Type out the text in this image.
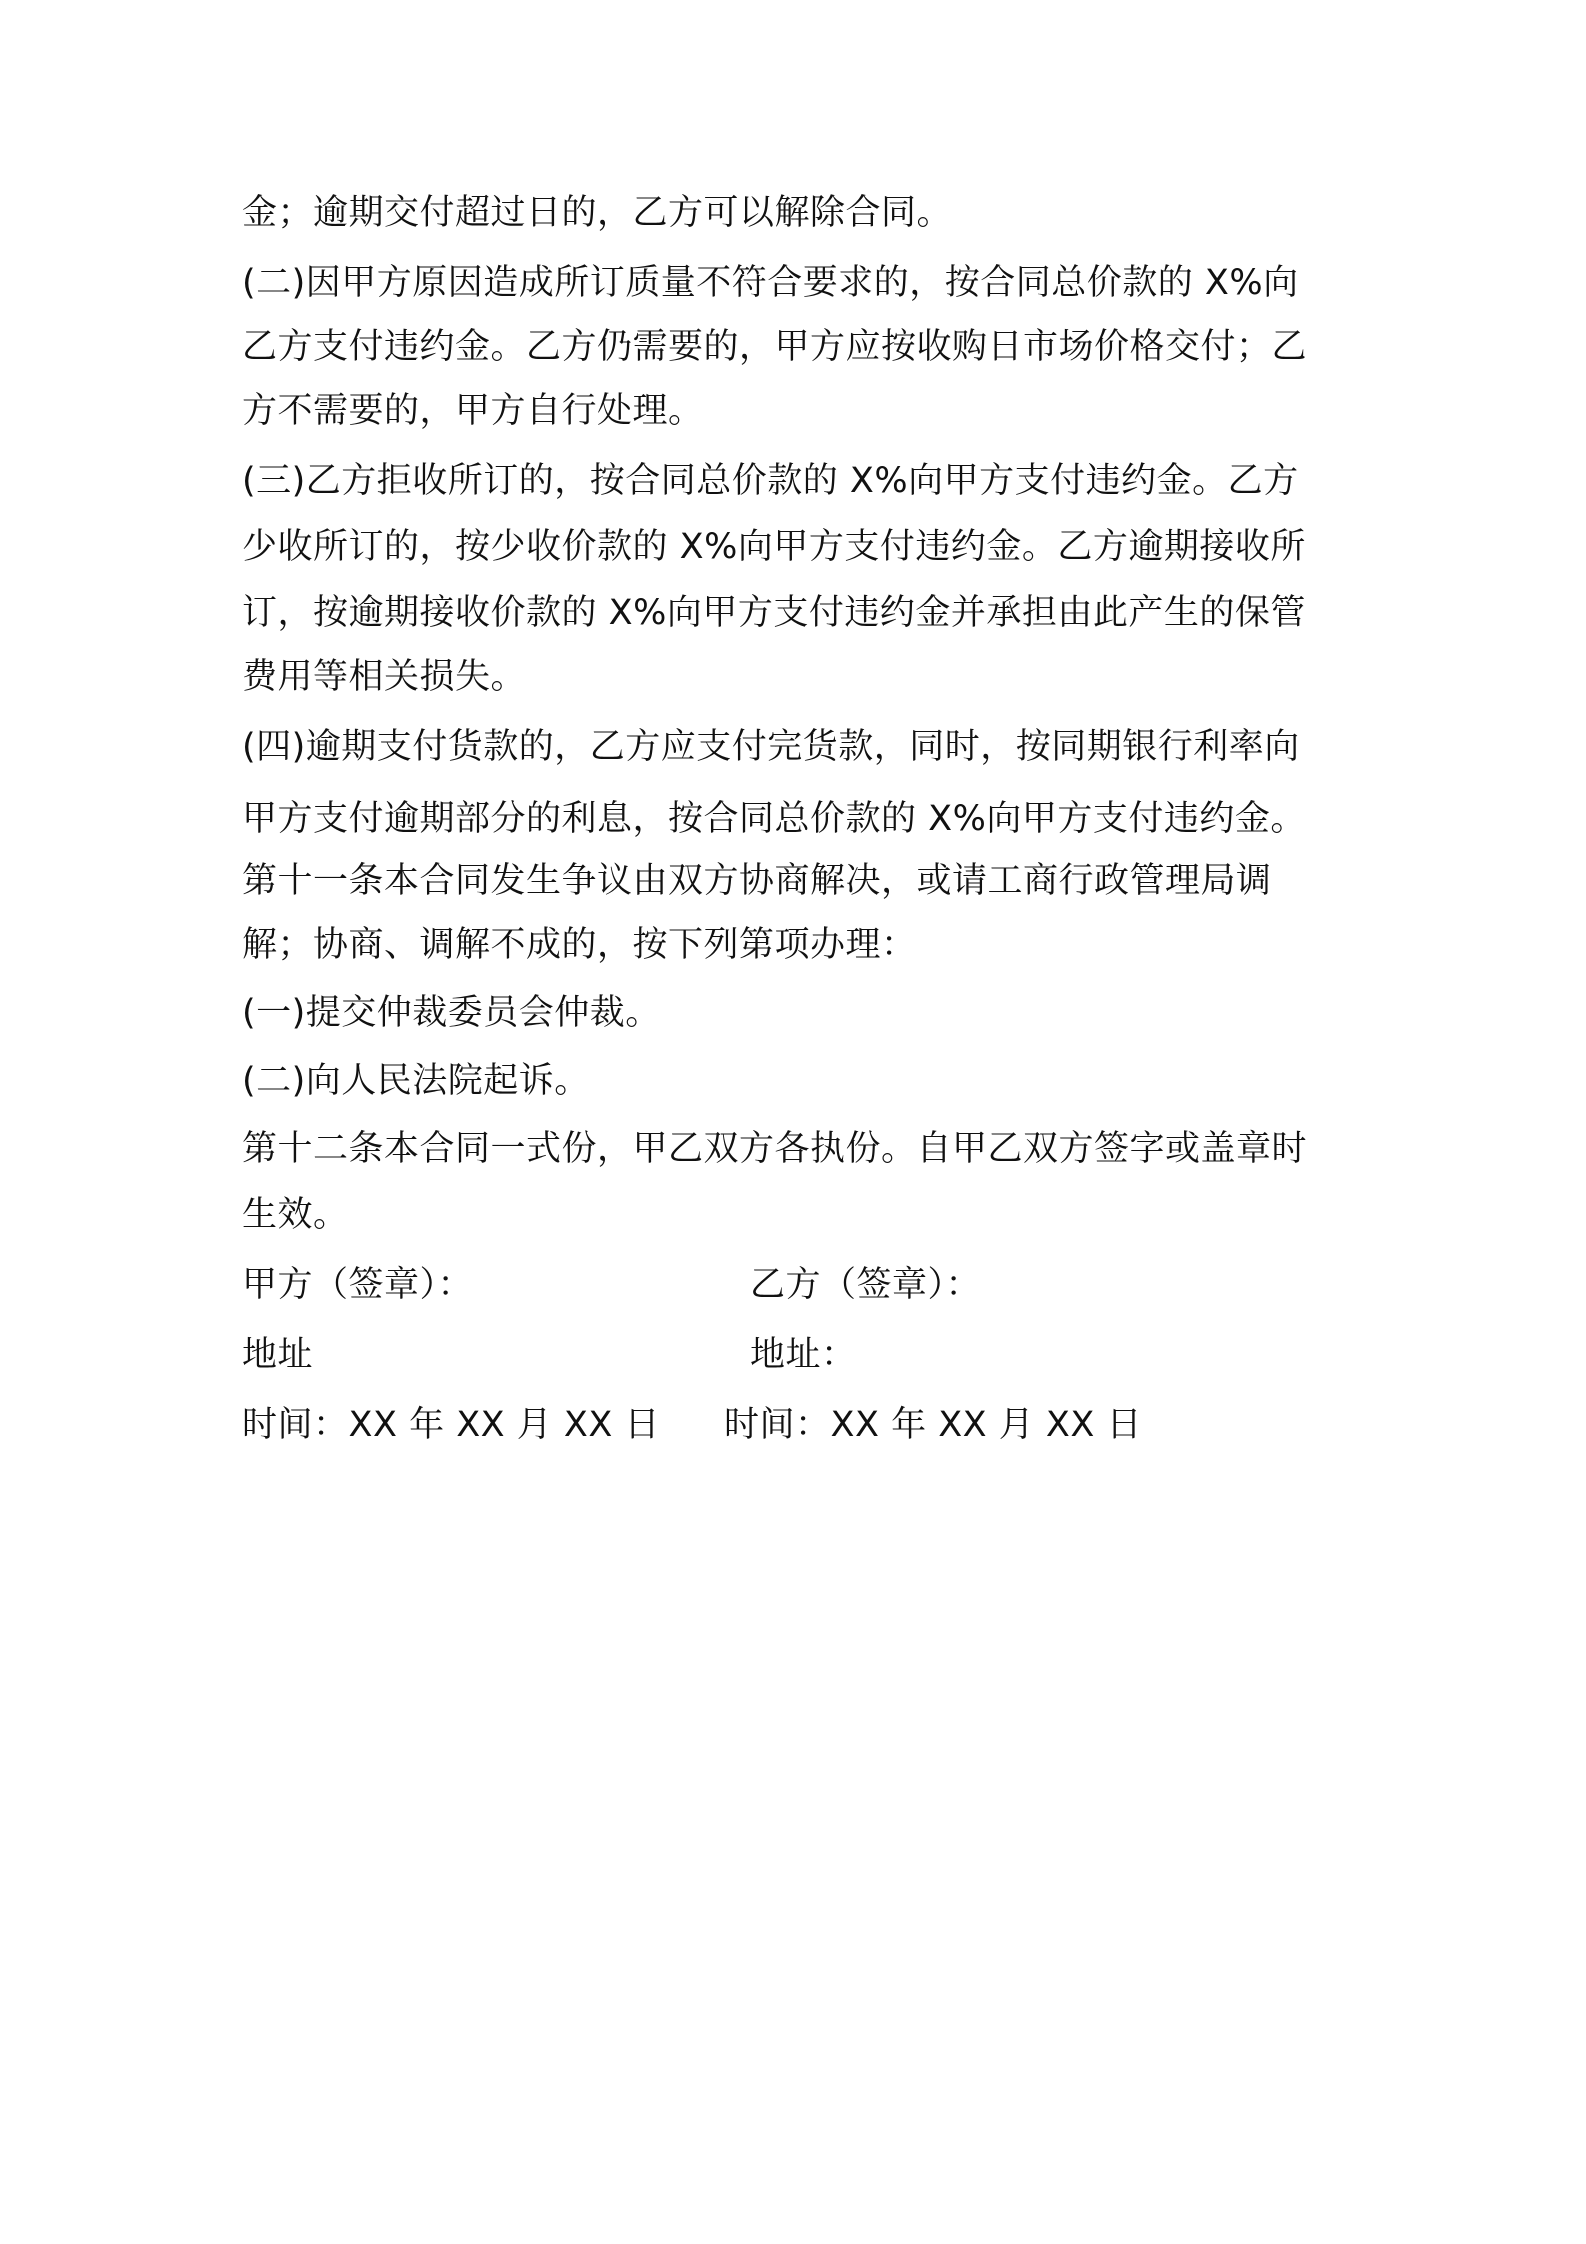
金；逾期交付超过日的，乙方可以解除合同。
(二)因甲方原因造成所订质量不符合要求的，按合同总价款的 X%向
乙方支付违约金。乙方仍需要的，甲方应按收购日市场价格交付；乙
方不需要的，甲方自行处理。
(三)乙方拒收所订的，按合同总价款的 X%向甲方支付违约金。乙方
少收所订的，按少收价款的 X%向甲方支付违约金。乙方逾期接收所
订，按逾期接收价款的 X%向甲方支付违约金并承担由此产生的保管
费用等相关损失。
(四)逾期支付货款的，乙方应支付完货款，同时，按同期银行利率向
甲方支付逾期部分的利息，按合同总价款的 X%向甲方支付违约金。
第十一条本合同发生争议由双方协商解决，或请工商行政管理局调
解；协商、调解不成的，按下列第项办理：
(一)提交仲裁委员会仲裁。
(二)向人民法院起诉。
第十二条本合同一式份，甲乙双方各执份。自甲乙双方签字或盖章时
生效。
甲方（签章）：	乙方（签章）：
地址	地址：
时间：XX 年 XX 月 XX 日 时间：XX 年 XX 月 XX 日
